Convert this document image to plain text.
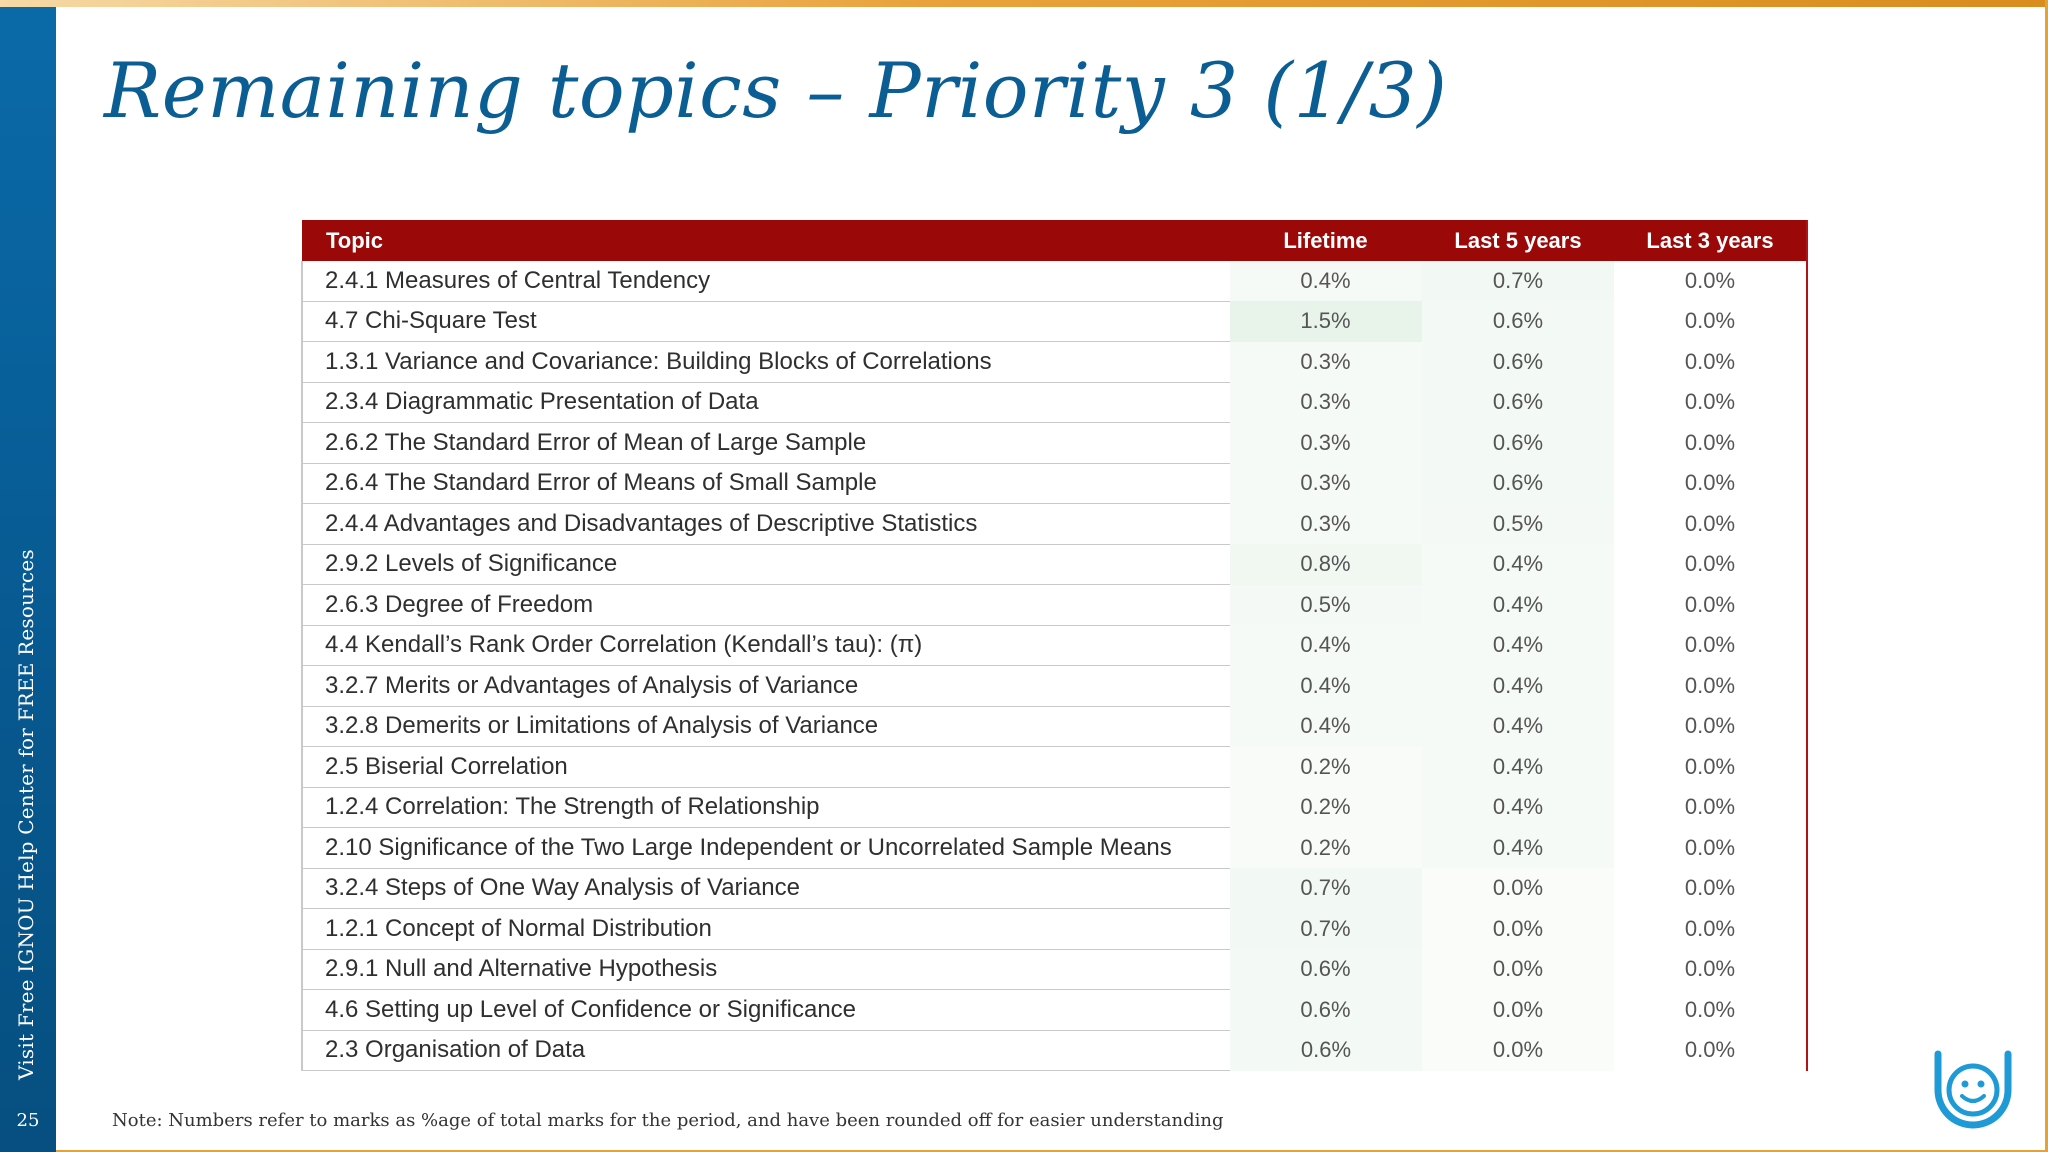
Visit Free IGNOU Help Center for FREE Resources
25
Remaining topics – Priority 3 (1/3)
Topic	Lifetime	Last 5 years	Last 3 years
2.4.1 Measures of Central Tendency	0.4%	0.7%	0.0%
4.7 Chi-Square Test	1.5%	0.6%	0.0%
1.3.1 Variance and Covariance: Building Blocks of Correlations	0.3%	0.6%	0.0%
2.3.4 Diagrammatic Presentation of Data	0.3%	0.6%	0.0%
2.6.2 The Standard Error of Mean of Large Sample	0.3%	0.6%	0.0%
2.6.4 The Standard Error of Means of Small Sample	0.3%	0.6%	0.0%
2.4.4 Advantages and Disadvantages of Descriptive Statistics	0.3%	0.5%	0.0%
2.9.2 Levels of Significance	0.8%	0.4%	0.0%
2.6.3 Degree of Freedom	0.5%	0.4%	0.0%
4.4 Kendall’s Rank Order Correlation (Kendall’s tau): (π)	0.4%	0.4%	0.0%
3.2.7 Merits or Advantages of Analysis of Variance	0.4%	0.4%	0.0%
3.2.8 Demerits or Limitations of Analysis of Variance	0.4%	0.4%	0.0%
2.5 Biserial Correlation	0.2%	0.4%	0.0%
1.2.4 Correlation: The Strength of Relationship	0.2%	0.4%	0.0%
2.10 Significance of the Two Large Independent or Uncorrelated Sample Means	0.2%	0.4%	0.0%
3.2.4 Steps of One Way Analysis of Variance	0.7%	0.0%	0.0%
1.2.1 Concept of Normal Distribution	0.7%	0.0%	0.0%
2.9.1 Null and Alternative Hypothesis	0.6%	0.0%	0.0%
4.6 Setting up Level of Confidence or Significance	0.6%	0.0%	0.0%
2.3 Organisation of Data	0.6%	0.0%	0.0%
Note: Numbers refer to marks as %age of total marks for the period, and have been rounded off for easier understanding
